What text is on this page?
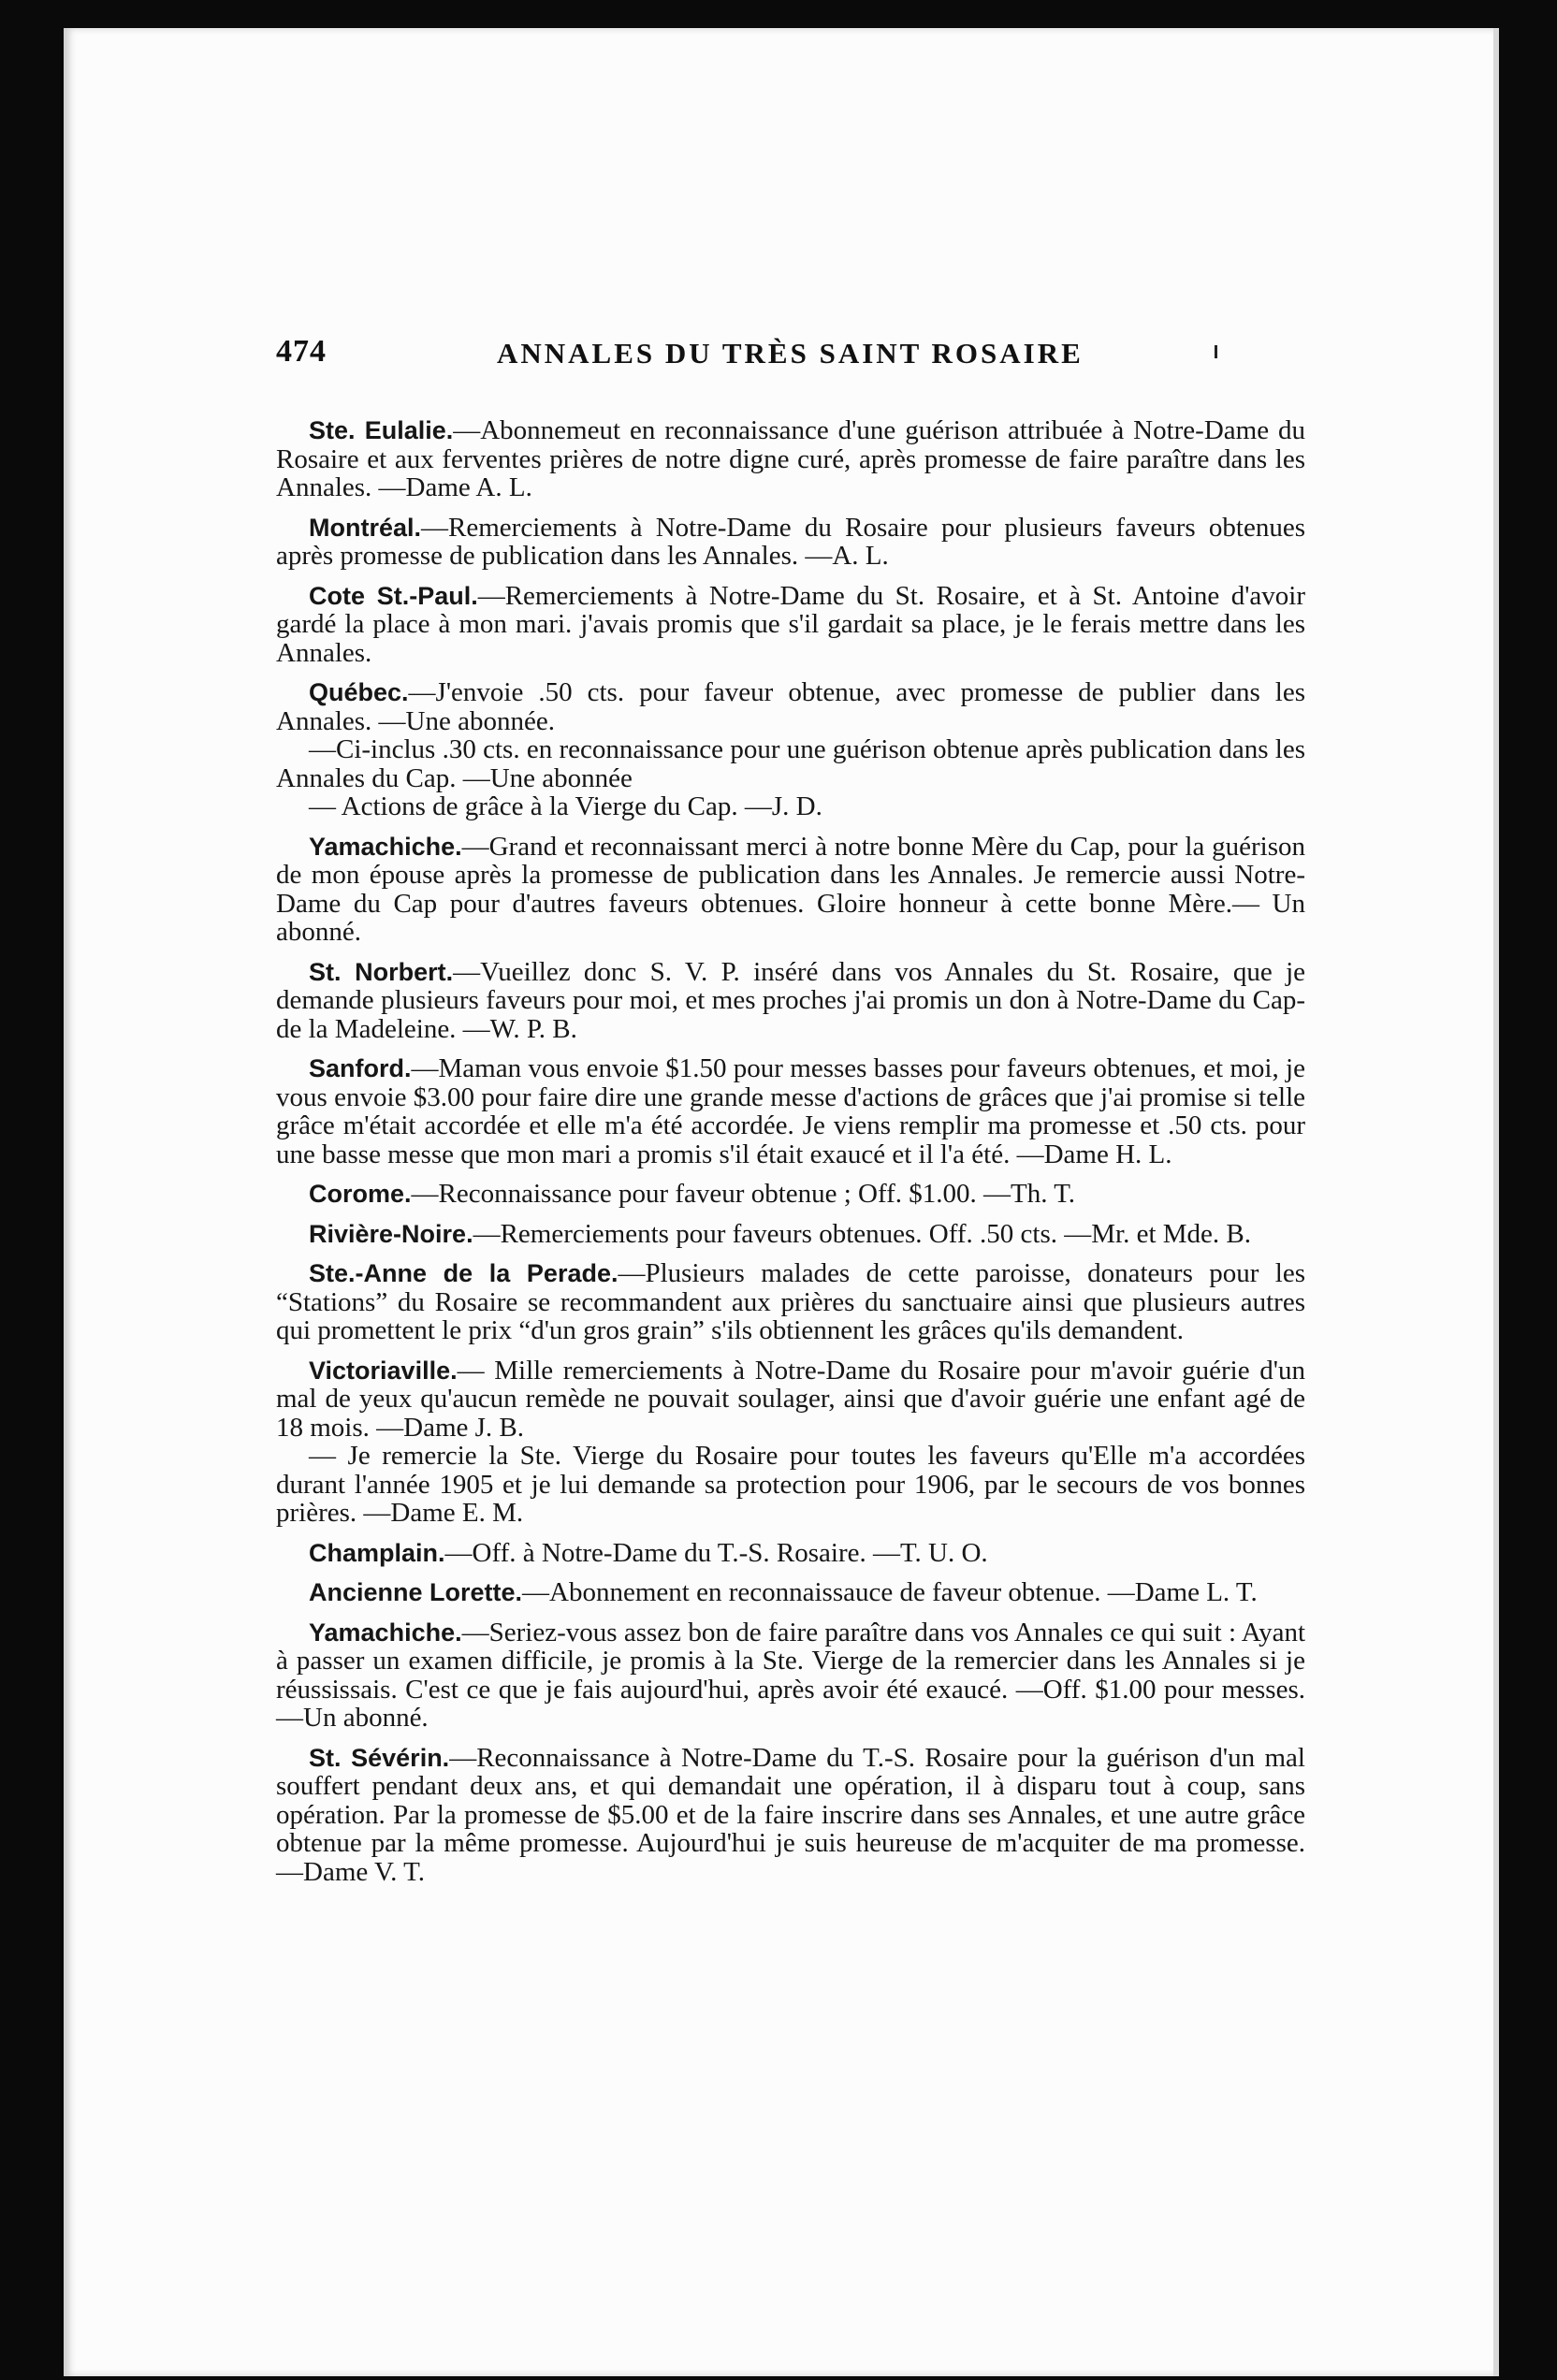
474	ANNALES DU TRÈS SAINT ROSAIRE

Ste. Eulalie.—Abonnemeut en reconnaissance d'une guérison attribuée à Notre-Dame du Rosaire et aux ferventes prières de notre digne curé, après promesse de faire paraître dans les Annales. —Dame A. L.

Montréal.—Remerciements à Notre-Dame du Rosaire pour plusieurs faveurs obtenues après promesse de publication dans les Annales. —A. L.

Cote St.-Paul.—Remerciements à Notre-Dame du St. Rosaire, et à St. Antoine d'avoir gardé la place à mon mari. j'avais promis que s'il gardait sa place, je le ferais mettre dans les Annales.

Québec.—J'envoie .50 cts. pour faveur obtenue, avec promesse de publier dans les Annales. —Une abonnée.

—Ci-inclus .30 cts. en reconnaissance pour une guérison obtenue après publication dans les Annales du Cap. —Une abonnée

— Actions de grâce à la Vierge du Cap. —J. D.

Yamachiche.—Grand et reconnaissant merci à notre bonne Mère du Cap, pour la guérison de mon épouse après la promesse de publication dans les Annales. Je remercie aussi Notre-Dame du Cap pour d'autres faveurs obtenues. Gloire honneur à cette bonne Mère.— Un abonné.

St. Norbert.—Vueillez donc S. V. P. inséré dans vos Annales du St. Rosaire, que je demande plusieurs faveurs pour moi, et mes proches j'ai promis un don à Notre-Dame du Cap-de la Madeleine. —W. P. B.

Sanford.—Maman vous envoie $1.50 pour messes basses pour faveurs obtenues, et moi, je vous envoie $3.00 pour faire dire une grande messe d'actions de grâces que j'ai promise si telle grâce m'était accordée et elle m'a été accordée. Je viens remplir ma promesse et .50 cts. pour une basse messe que mon mari a promis s'il était exaucé et il l'a été. —Dame H. L.

Corome.—Reconnaissance pour faveur obtenue ; Off. $1.00. —Th. T.

Rivière-Noire.—Remerciements pour faveurs obtenues. Off. .50 cts. —Mr. et Mde. B.

Ste.-Anne de la Perade.—Plusieurs malades de cette paroisse, donateurs pour les “Stations” du Rosaire se recommandent aux prières du sanctuaire ainsi que plusieurs autres qui promettent le prix “d'un gros grain” s'ils obtiennent les grâces qu'ils demandent.

Victoriaville.— Mille remerciements à Notre-Dame du Rosaire pour m'avoir guérie d'un mal de yeux qu'aucun remède ne pouvait soulager, ainsi que d'avoir guérie une enfant agé de 18 mois. —Dame J. B.

— Je remercie la Ste. Vierge du Rosaire pour toutes les faveurs qu'Elle m'a accordées durant l'année 1905 et je lui demande sa protection pour 1906, par le secours de vos bonnes prières. —Dame E. M.

Champlain.—Off. à Notre-Dame du T.-S. Rosaire. —T. U. O.

Ancienne Lorette.—Abonnement en reconnaissauce de faveur obtenue. —Dame L. T.

Yamachiche.—Seriez-vous assez bon de faire paraître dans vos Annales ce qui suit : Ayant à passer un examen difficile, je promis à la Ste. Vierge de la remercier dans les Annales si je réussissais. C'est ce que je fais aujourd'hui, après avoir été exaucé. —Off. $1.00 pour messes. —Un abonné.

St. Sévérin.—Reconnaissance à Notre-Dame du T.-S. Rosaire pour la guérison d'un mal souffert pendant deux ans, et qui demandait une opération, il à disparu tout à coup, sans opération. Par la promesse de $5.00 et de la faire inscrire dans ses Annales, et une autre grâce obtenue par la même promesse. Aujourd'hui je suis heureuse de m'acquiter de ma promesse. —Dame V. T.
